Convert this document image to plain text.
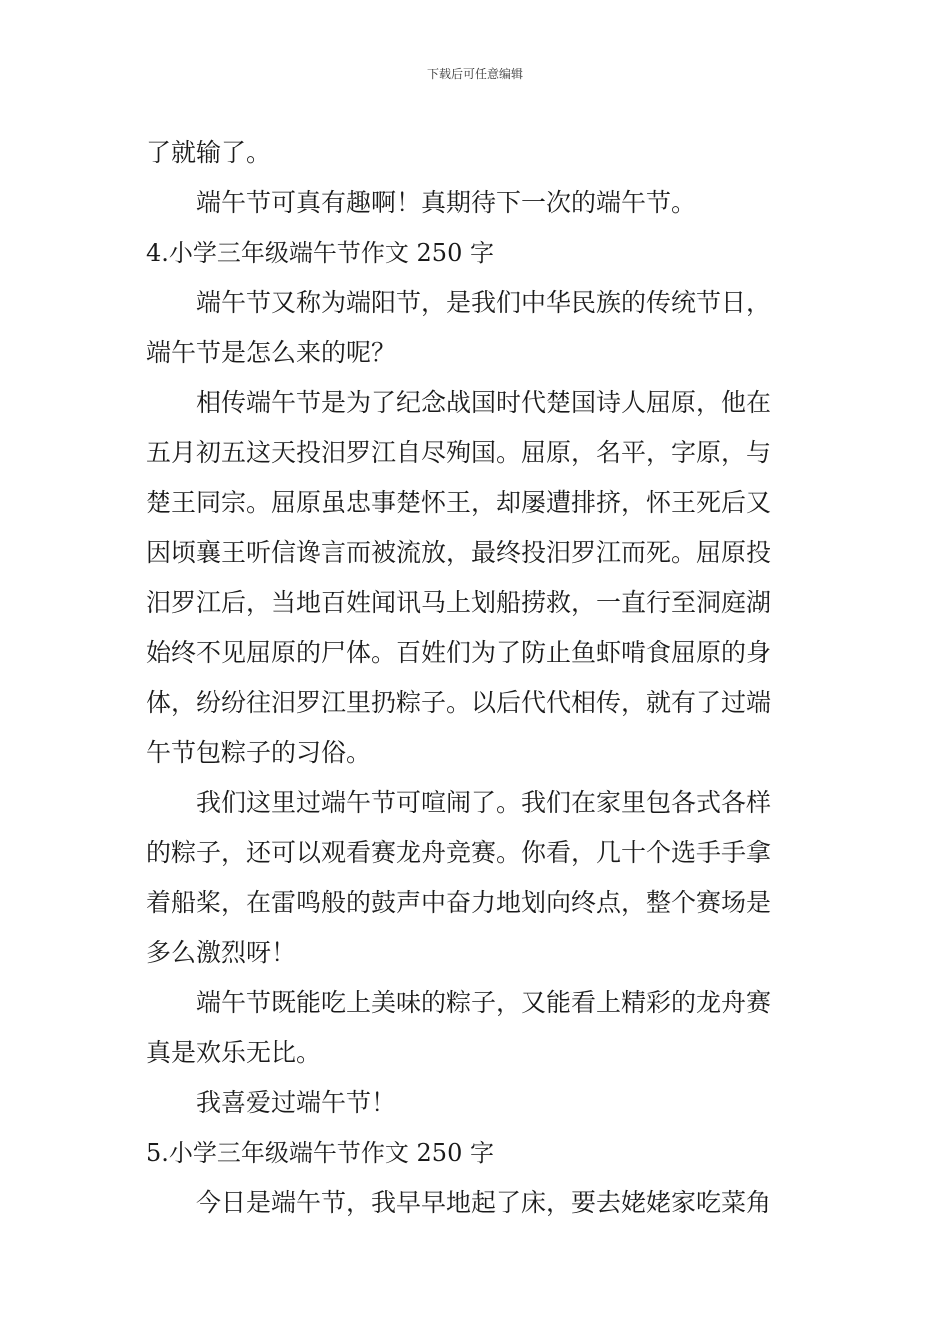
下载后可任意编辑
了就输了。
端午节可真有趣啊！真期待下一次的端午节。
4.小学三年级端午节作文 250 字
端午节又称为端阳节，是我们中华民族的传统节日，
端午节是怎么来的呢？
相传端午节是为了纪念战国时代楚国诗人屈原，他在
五月初五这天投汨罗江自尽殉国。屈原，名平，字原，与
楚王同宗。屈原虽忠事楚怀王，却屡遭排挤，怀王死后又
因顷襄王听信谗言而被流放，最终投汨罗江而死。屈原投
汨罗江后，当地百姓闻讯马上划船捞救，一直行至洞庭湖
始终不见屈原的尸体。百姓们为了防止鱼虾啃食屈原的身
体，纷纷往汨罗江里扔粽子。以后代代相传，就有了过端
午节包粽子的习俗。
我们这里过端午节可喧闹了。我们在家里包各式各样
的粽子，还可以观看赛龙舟竞赛。你看，几十个选手手拿
着船桨，在雷鸣般的鼓声中奋力地划向终点，整个赛场是
多么激烈呀！
端午节既能吃上美味的粽子，又能看上精彩的龙舟赛
真是欢乐无比。
我喜爱过端午节！
5.小学三年级端午节作文 250 字
今日是端午节，我早早地起了床，要去姥姥家吃菜角
